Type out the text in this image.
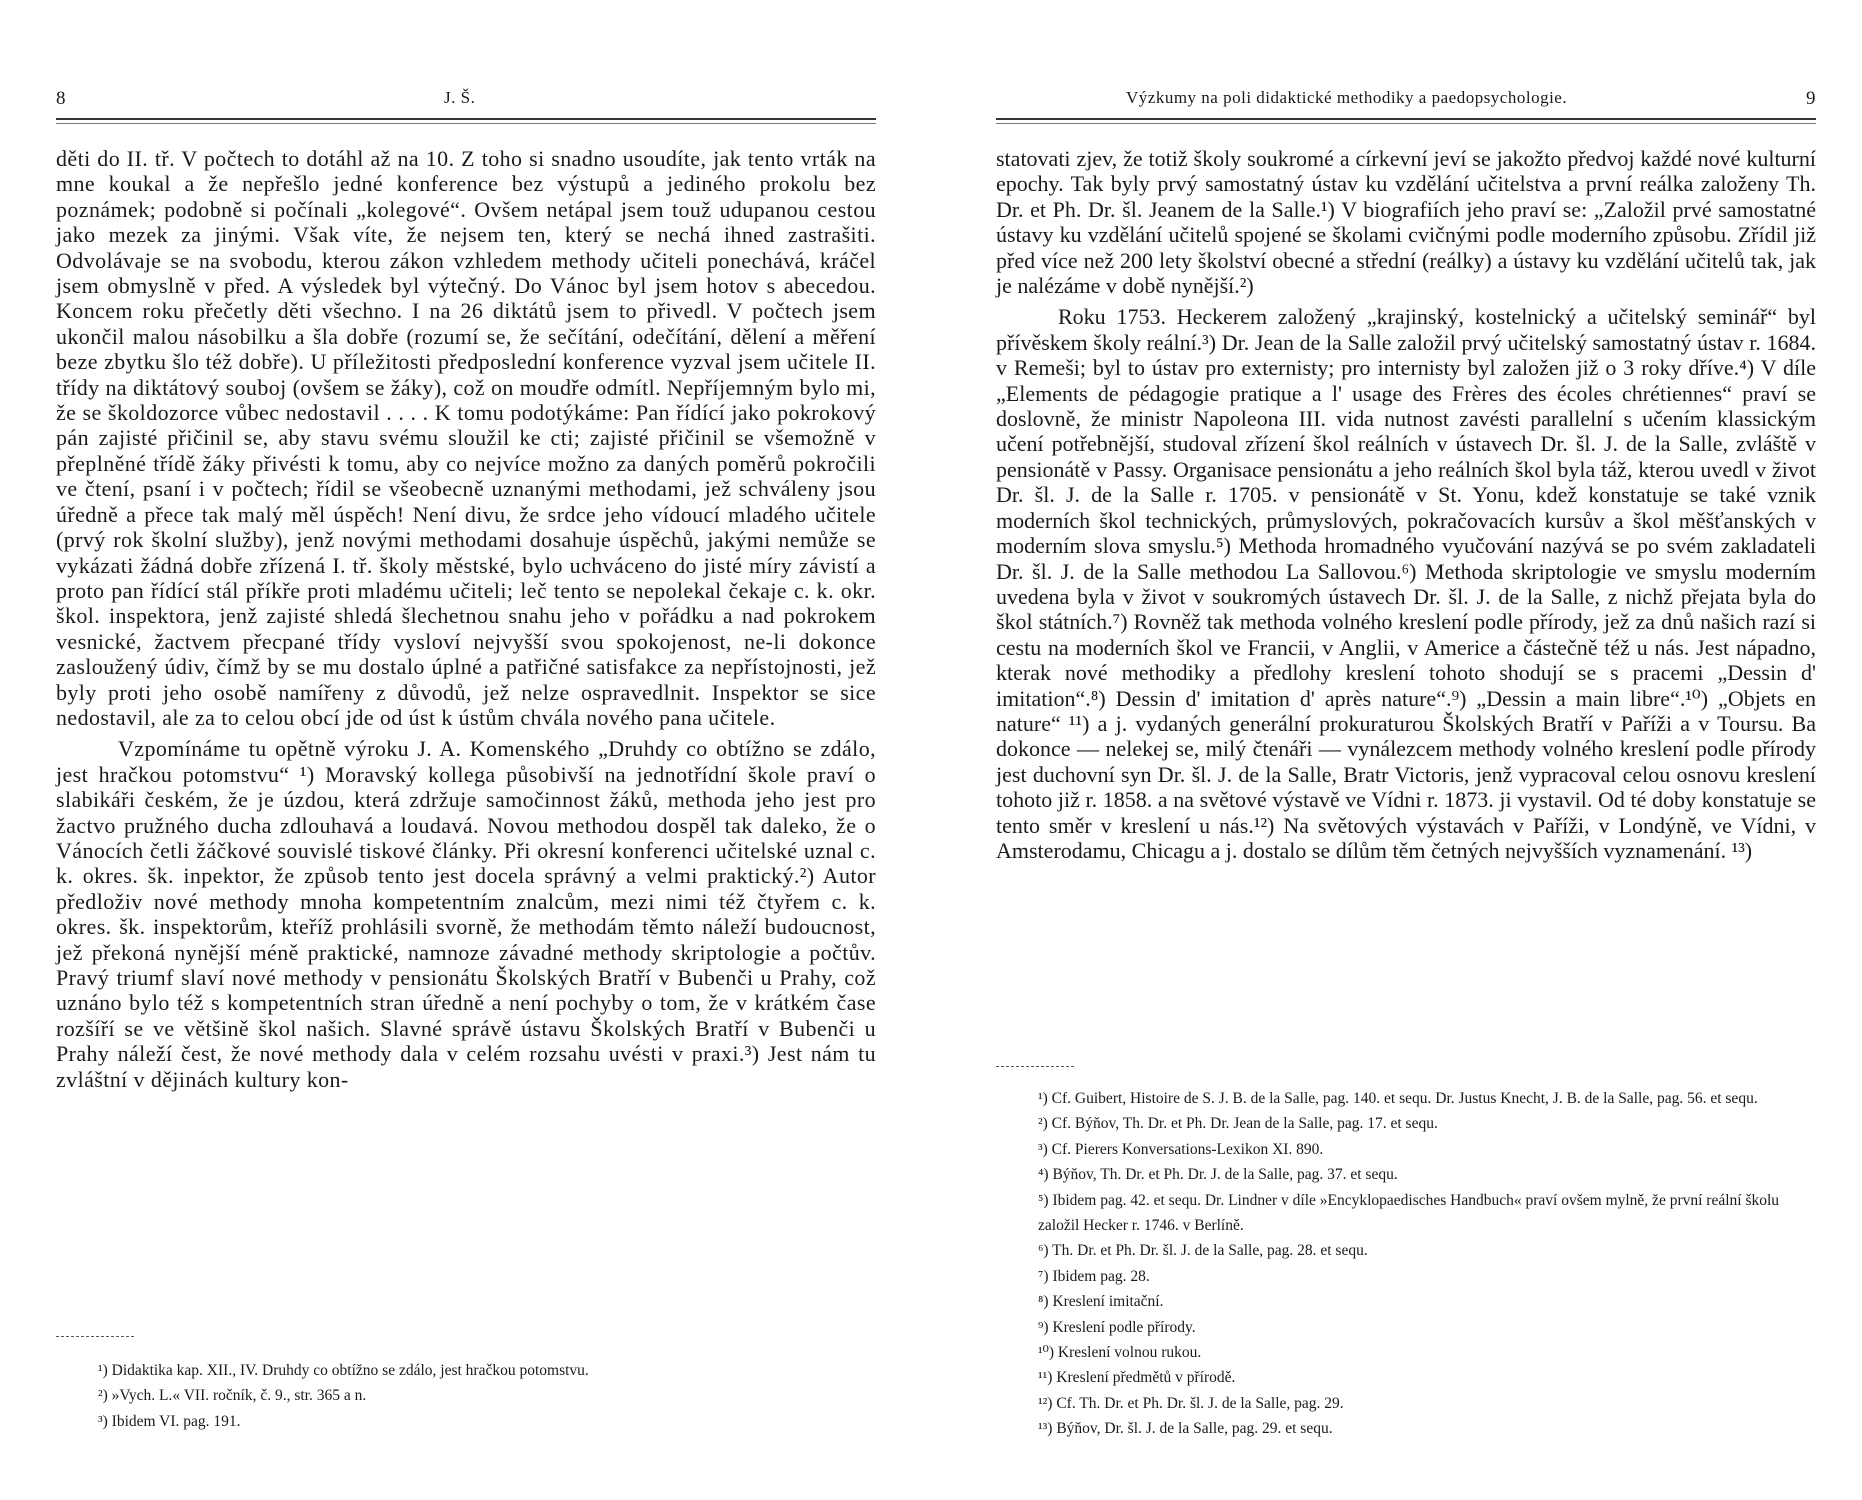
8	J. Š.

děti do II. tř. V počtech to dotáhl až na 10. Z toho si snadno usoudíte, jak tento vrták na mne koukal a že nepřešlo jedné konference bez výstupů a jediného prokolu bez poznámek; podobně si počínali „kolegové“. Ovšem netápal jsem touž udupanou cestou jako mezek za jinými. Však víte, že nejsem ten, který se nechá ihned zastrašiti. Odvolávaje se na svobodu, kterou zákon vzhledem methody učiteli ponechává, kráčel jsem obmyslně v před. A výsledek byl výtečný. Do Vánoc byl jsem hotov s abecedou. Koncem roku přečetly děti všechno. I na 26 diktátů jsem to přivedl. V počtech jsem ukončil malou násobilku a šla dobře (rozumí se, že sečítání, odečítání, dělení a měření beze zbytku šlo též dobře). U příležitosti předposlední konference vyzval jsem učitele II. třídy na diktátový souboj (ovšem se žáky), což on moudře odmítl. Nepříjemným bylo mi, že se školdozorce vůbec nedostavil . . . . K tomu podotýkáme: Pan řídící jako pokrokový pán zajisté přičinil se, aby stavu svému sloužil ke cti; zajisté přičinil se všemožně v přeplněné třídě žáky přivésti k tomu, aby co nejvíce možno za daných poměrů pokročili ve čtení, psaní i v počtech; řídil se všeobecně uznanými methodami, jež schváleny jsou úředně a přece tak malý měl úspěch! Není divu, že srdce jeho vídoucí mladého učitele (prvý rok školní služby), jenž novými methodami dosahuje úspěchů, jakými nemůže se vykázati žádná dobře zřízená I. tř. školy městské, bylo uchváceno do jisté míry závistí a proto pan řídící stál příkře proti mladému učiteli; leč tento se nepolekal čekaje c. k. okr. škol. inspektora, jenž zajisté shledá šlechetnou snahu jeho v pořádku a nad pokrokem vesnické, žactvem přecpané třídy vysloví nejvyšší svou spokojenost, ne-li dokonce zasloužený údiv, čímž by se mu dostalo úplné a patřičné satisfakce za nepřístojnosti, jež byly proti jeho osobě namířeny z důvodů, jež nelze ospravedlnit. Inspektor se sice nedostavil, ale za to celou obcí jde od úst k ústům chvála nového pana učitele.

Vzpomínáme tu opětně výroku J. A. Komenského „Druhdy co obtížno se zdálo, jest hračkou potomstvu“ ¹) Moravský kollega působivší na jednotřídní škole praví o slabikáři českém, že je úzdou, která zdržuje samočinnost žáků, methoda jeho jest pro žactvo pružného ducha zdlouhavá a loudavá. Novou methodou dospěl tak daleko, že o Vánocích četli žáčkové souvislé tiskové články. Při okresní konferenci učitelské uznal c. k. okres. šk. inpektor, že způsob tento jest docela správný a velmi praktický.²) Autor předloživ nové methody mnoha kompetentním znalcům, mezi nimi též čtyřem c. k. okres. šk. inspektorům, kteříž prohlásili svorně, že methodám těmto náleží budoucnost, jež překoná nynější méně praktické, namnoze závadné methody skriptologie a počtův. Pravý triumf slaví nové methody v pensionátu Školských Bratří v Bubenči u Prahy, což uznáno bylo též s kompetentních stran úředně a není pochyby o tom, že v krátkém čase rozšíří se ve většině škol našich. Slavné správě ústavu Školských Bratří v Bubenči u Prahy náleží čest, že nové methody dala v celém rozsahu uvésti v praxi.³) Jest nám tu zvláštní v dějinách kultury kon-

¹) Didaktika kap. XII., IV. Druhdy co obtížno se zdálo, jest hračkou potomstvu.

²) »Vych. L.« VII. ročník, č. 9., str. 365 a n.

³) Ibidem VI. pag. 191.

Výzkumy na poli didaktické methodiky a paedopsychologie.	9

statovati zjev, že totiž školy soukromé a církevní jeví se jakožto předvoj každé nové kulturní epochy. Tak byly prvý samostatný ústav ku vzdělání učitelstva a první reálka založeny Th. Dr. et Ph. Dr. šl. Jeanem de la Salle.¹) V biografiích jeho praví se: „Založil prvé samostatné ústavy ku vzdělání učitelů spojené se školami cvičnými podle moderního způsobu. Zřídil již před více než 200 lety školství obecné a střední (reálky) a ústavy ku vzdělání učitelů tak, jak je nalézáme v době nynější.²)

Roku 1753. Heckerem založený „krajinský, kostelnický a učitelský seminář“ byl přívěskem školy reální.³) Dr. Jean de la Salle založil prvý učitelský samostatný ústav r. 1684. v Remeši; byl to ústav pro externisty; pro internisty byl založen již o 3 roky dříve.⁴) V díle „Elements de pédagogie pratique a l' usage des Frères des écoles chrétiennes“ praví se doslovně, že ministr Napoleona III. vida nutnost zavésti parallelní s učením klassickým učení potřebnější, studoval zřízení škol reálních v ústavech Dr. šl. J. de la Salle, zvláště v pensionátě v Passy. Organisace pensionátu a jeho reálních škol byla táž, kterou uvedl v život Dr. šl. J. de la Salle r. 1705. v pensionátě v St. Yonu, kdež konstatuje se také vznik moderních škol technických, průmyslových, pokračovacích kursův a škol měšťanských v moderním slova smyslu.⁵) Methoda hromadného vyučování nazývá se po svém zakladateli Dr. šl. J. de la Salle methodou La Sallovou.⁶) Methoda skriptologie ve smyslu moderním uvedena byla v život v soukromých ústavech Dr. šl. J. de la Salle, z nichž přejata byla do škol státních.⁷) Rovněž tak methoda volného kreslení podle přírody, jež za dnů našich razí si cestu na moderních škol ve Francii, v Anglii, v Americe a částečně též u nás. Jest nápadno, kterak nové methodiky a předlohy kreslení tohoto shodují se s pracemi „Dessin d' imitation“.⁸) Dessin d' imitation d' après nature“.⁹) „Dessin a main libre“.¹⁰) „Objets en nature“ ¹¹) a j. vydaných generální prokuraturou Školských Bratří v Paříži a v Toursu. Ba dokonce — nelekej se, milý čtenáři — vynálezcem methody volného kreslení podle přírody jest duchovní syn Dr. šl. J. de la Salle, Bratr Victoris, jenž vypracoval celou osnovu kreslení tohoto již r. 1858. a na světové výstavě ve Vídni r. 1873. ji vystavil. Od té doby konstatuje se tento směr v kreslení u nás.¹²) Na světových výstavách v Paříži, v Londýně, ve Vídni, v Amsterodamu, Chicagu a j. dostalo se dílům těm četných nejvyšších vyznamenání. ¹³)

¹) Cf. Guibert, Histoire de S. J. B. de la Salle, pag. 140. et sequ. Dr. Justus Knecht, J. B. de la Salle, pag. 56. et sequ.

²) Cf. Býňov, Th. Dr. et Ph. Dr. Jean de la Salle, pag. 17. et sequ.

³) Cf. Pierers Konversations-Lexikon XI. 890.

⁴) Býňov, Th. Dr. et Ph. Dr. J. de la Salle, pag. 37. et sequ.

⁵) Ibidem pag. 42. et sequ. Dr. Lindner v díle »Encyklopaedisches Handbuch« praví ovšem mylně, že první reální školu založil Hecker r. 1746. v Berlíně.

⁶) Th. Dr. et Ph. Dr. šl. J. de la Salle, pag. 28. et sequ.

⁷) Ibidem pag. 28.

⁸) Kreslení imitační.

⁹) Kreslení podle přírody.

¹⁰) Kreslení volnou rukou.

¹¹) Kreslení předmětů v přírodě.

¹²) Cf. Th. Dr. et Ph. Dr. šl. J. de la Salle, pag. 29.

¹³) Býňov, Dr. šl. J. de la Salle, pag. 29. et sequ.
